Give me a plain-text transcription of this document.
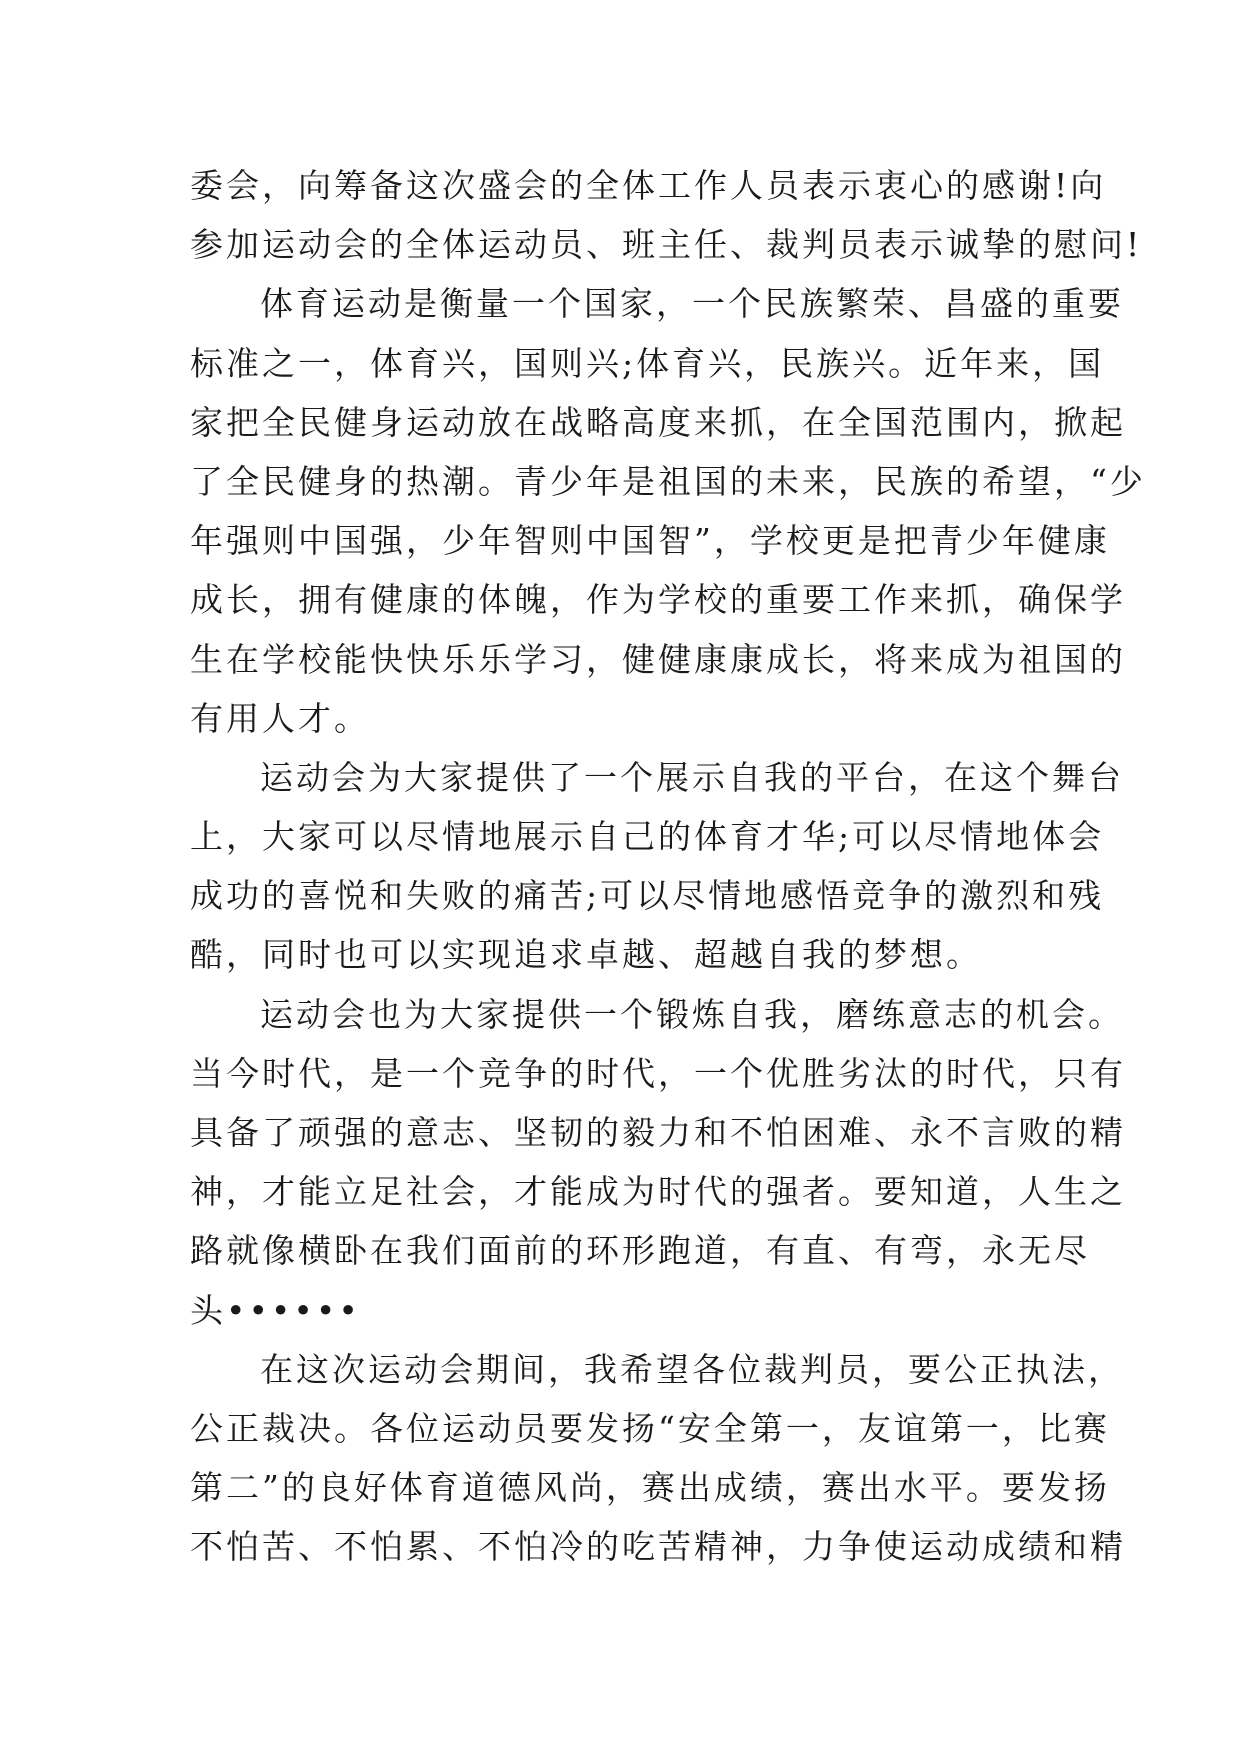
委会，向筹备这次盛会的全体工作人员表示衷心的感谢!向
参加运动会的全体运动员、班主任、裁判员表示诚挚的慰问!
体育运动是衡量一个国家，一个民族繁荣、昌盛的重要
标准之一，体育兴，国则兴;体育兴，民族兴。近年来，国
家把全民健身运动放在战略高度来抓，在全国范围内，掀起
了全民健身的热潮。青少年是祖国的未来，民族的希望，“少
年强则中国强，少年智则中国智”，学校更是把青少年健康
成长，拥有健康的体魄，作为学校的重要工作来抓，确保学
生在学校能快快乐乐学习，健健康康成长，将来成为祖国的
有用人才。
运动会为大家提供了一个展示自我的平台，在这个舞台
上，大家可以尽情地展示自己的体育才华;可以尽情地体会
成功的喜悦和失败的痛苦;可以尽情地感悟竞争的激烈和残
酷，同时也可以实现追求卓越、超越自我的梦想。
运动会也为大家提供一个锻炼自我，磨练意志的机会。
当今时代，是一个竞争的时代，一个优胜劣汰的时代，只有
具备了顽强的意志、坚韧的毅力和不怕困难、永不言败的精
神，才能立足社会，才能成为时代的强者。要知道，人生之
路就像横卧在我们面前的环形跑道，有直、有弯，永无尽
头••••••
在这次运动会期间，我希望各位裁判员，要公正执法，
公正裁决。各位运动员要发扬“安全第一，友谊第一，比赛
第二”的良好体育道德风尚，赛出成绩，赛出水平。要发扬
不怕苦、不怕累、不怕冷的吃苦精神，力争使运动成绩和精
